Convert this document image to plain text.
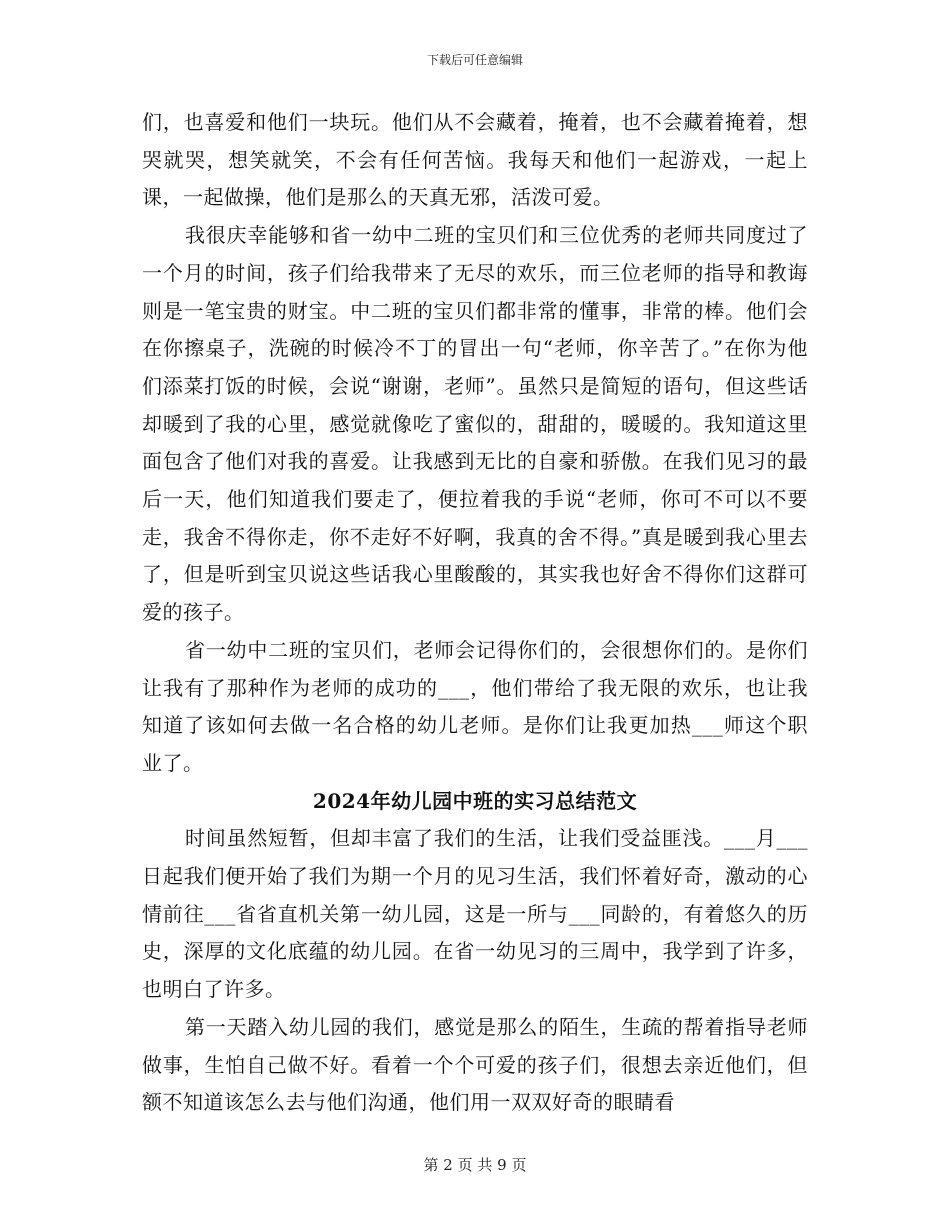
下载后可任意编辑

们，也喜爱和他们一块玩。他们从不会藏着，掩着，也不会藏着掩着，想哭就哭，想笑就笑，不会有任何苦恼。我每天和他们一起游戏，一起上课，一起做操，他们是那么的天真无邪，活泼可爱。

我很庆幸能够和省一幼中二班的宝贝们和三位优秀的老师共同度过了一个月的时间，孩子们给我带来了无尽的欢乐，而三位老师的指导和教诲则是一笔宝贵的财宝。中二班的宝贝们都非常的懂事，非常的棒。他们会在你擦桌子，洗碗的时候冷不丁的冒出一句“老师，你辛苦了。”在你为他们添菜打饭的时候，会说“谢谢，老师”。虽然只是简短的语句，但这些话却暖到了我的心里，感觉就像吃了蜜似的，甜甜的，暖暖的。我知道这里面包含了他们对我的喜爱。让我感到无比的自豪和骄傲。在我们见习的最后一天，他们知道我们要走了，便拉着我的手说“老师，你可不可以不要走，我舍不得你走，你不走好不好啊，我真的舍不得。”真是暖到我心里去了，但是听到宝贝说这些话我心里酸酸的，其实我也好舍不得你们这群可爱的孩子。

省一幼中二班的宝贝们，老师会记得你们的，会很想你们的。是你们让我有了那种作为老师的成功的___，他们带给了我无限的欢乐，也让我知道了该如何去做一名合格的幼儿老师。是你们让我更加热___师这个职业了。

2024年幼儿园中班的实习总结范文

时间虽然短暂，但却丰富了我们的生活，让我们受益匪浅。___月___日起我们便开始了我们为期一个月的见习生活，我们怀着好奇，激动的心情前往___省省直机关第一幼儿园，这是一所与___同龄的，有着悠久的历史，深厚的文化底蕴的幼儿园。在省一幼见习的三周中，我学到了许多，也明白了许多。

第一天踏入幼儿园的我们，感觉是那么的陌生，生疏的帮着指导老师做事，生怕自己做不好。看着一个个可爱的孩子们，很想去亲近他们，但额不知道该怎么去与他们沟通，他们用一双双好奇的眼睛看

第 2 页 共 9 页
